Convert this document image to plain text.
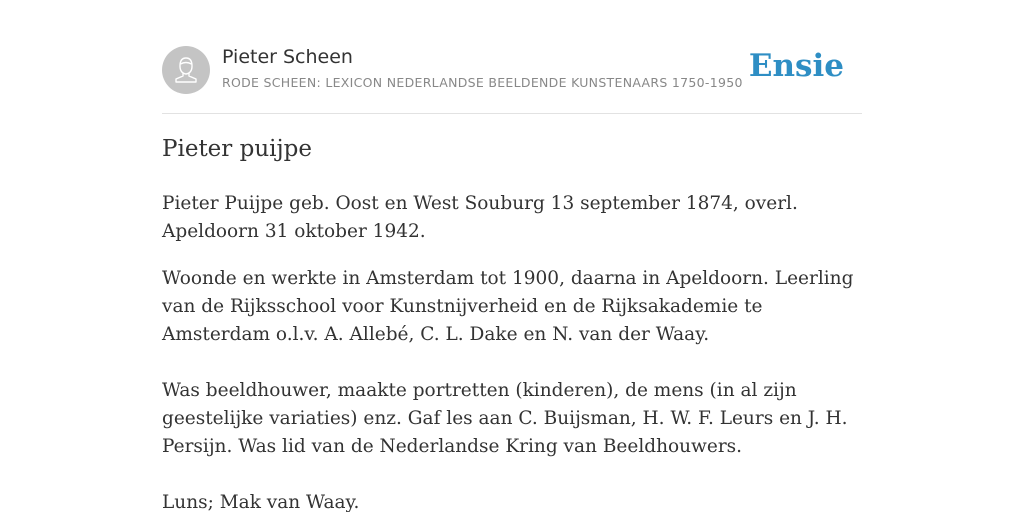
Pieter Scheen
RODE SCHEEN: LEXICON NEDERLANDSE BEELDENDE KUNSTENAARS 1750-1950 Ensie
Pieter puijpe

Pieter Puijpe geb. Oost en West Souburg 13 september 1874, overl. Apeldoorn 31 oktober 1942.

Woonde en werkte in Amsterdam tot 1900, daarna in Apeldoorn. Leerling van de Rijksschool voor Kunstnijverheid en de Rijksakademie te Amsterdam o.l.v. A. Allebé, C. L. Dake en N. van der Waay.

Was beeldhouwer, maakte portretten (kinderen), de mens (in al zijn geestelijke variaties) enz. Gaf les aan C. Buijsman, H. W. F. Leurs en J. H. Persijn. Was lid van de Nederlandse Kring van Beeldhouwers.

Luns; Mak van Waay.
